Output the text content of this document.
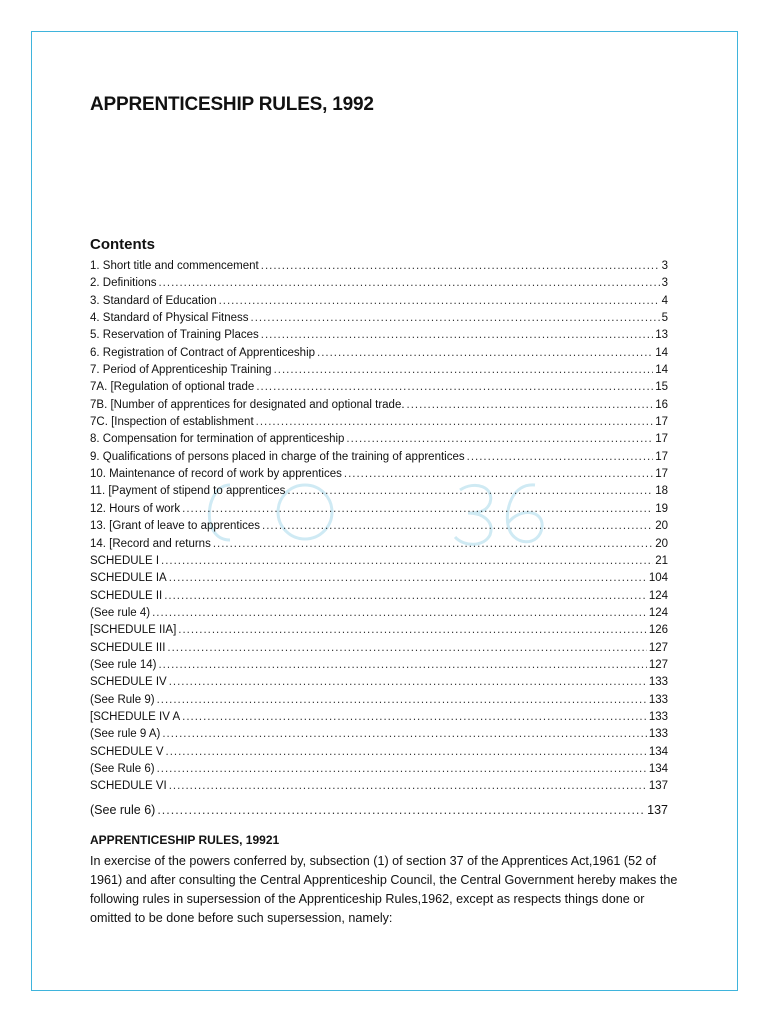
APPRENTICESHIP RULES, 1992
Contents
1. Short title and commencement .....	3
2. Definitions .....	3
3. Standard of Education .....	4
4. Standard of Physical Fitness .....	5
5. Reservation of Training Places .....	13
6. Registration of Contract of Apprenticeship .....	14
7. Period of Apprenticeship Training .....	14
7A. [Regulation of optional trade .....	15
7B. [Number of apprentices for designated and optional trade. .....	16
7C. [Inspection of establishment .....	17
8. Compensation for termination of apprenticeship .....	17
9. Qualifications of persons placed in charge of the training of apprentices .....	17
10. Maintenance of record of work by apprentices .....	17
11. [Payment of stipend to apprentices .....	18
12. Hours of work .....	19
13. [Grant of leave to apprentices .....	20
14. [Record and returns .....	20
SCHEDULE I .....	21
SCHEDULE IA .....	104
SCHEDULE II .....	124
(See rule 4) .....	124
[SCHEDULE IIA] .....	126
SCHEDULE III .....	127
(See rule 14) .....	127
SCHEDULE IV .....	133
(See Rule 9) .....	133
[SCHEDULE IV A .....	133
(See rule 9 A) .....	133
SCHEDULE V .....	134
(See Rule 6) .....	134
SCHEDULE VI .....	137
(See rule 6) .....	137
APPRENTICESHIP RULES, 19921

In exercise of the powers conferred by, subsection (1) of section 37 of the Apprentices Act,1961 (52 of 1961) and after consulting the Central Apprenticeship Council, the Central Government hereby makes the following rules in supersession of the Apprenticeship Rules,1962, except as respects things done or omitted to be done before such supersession, namely:
